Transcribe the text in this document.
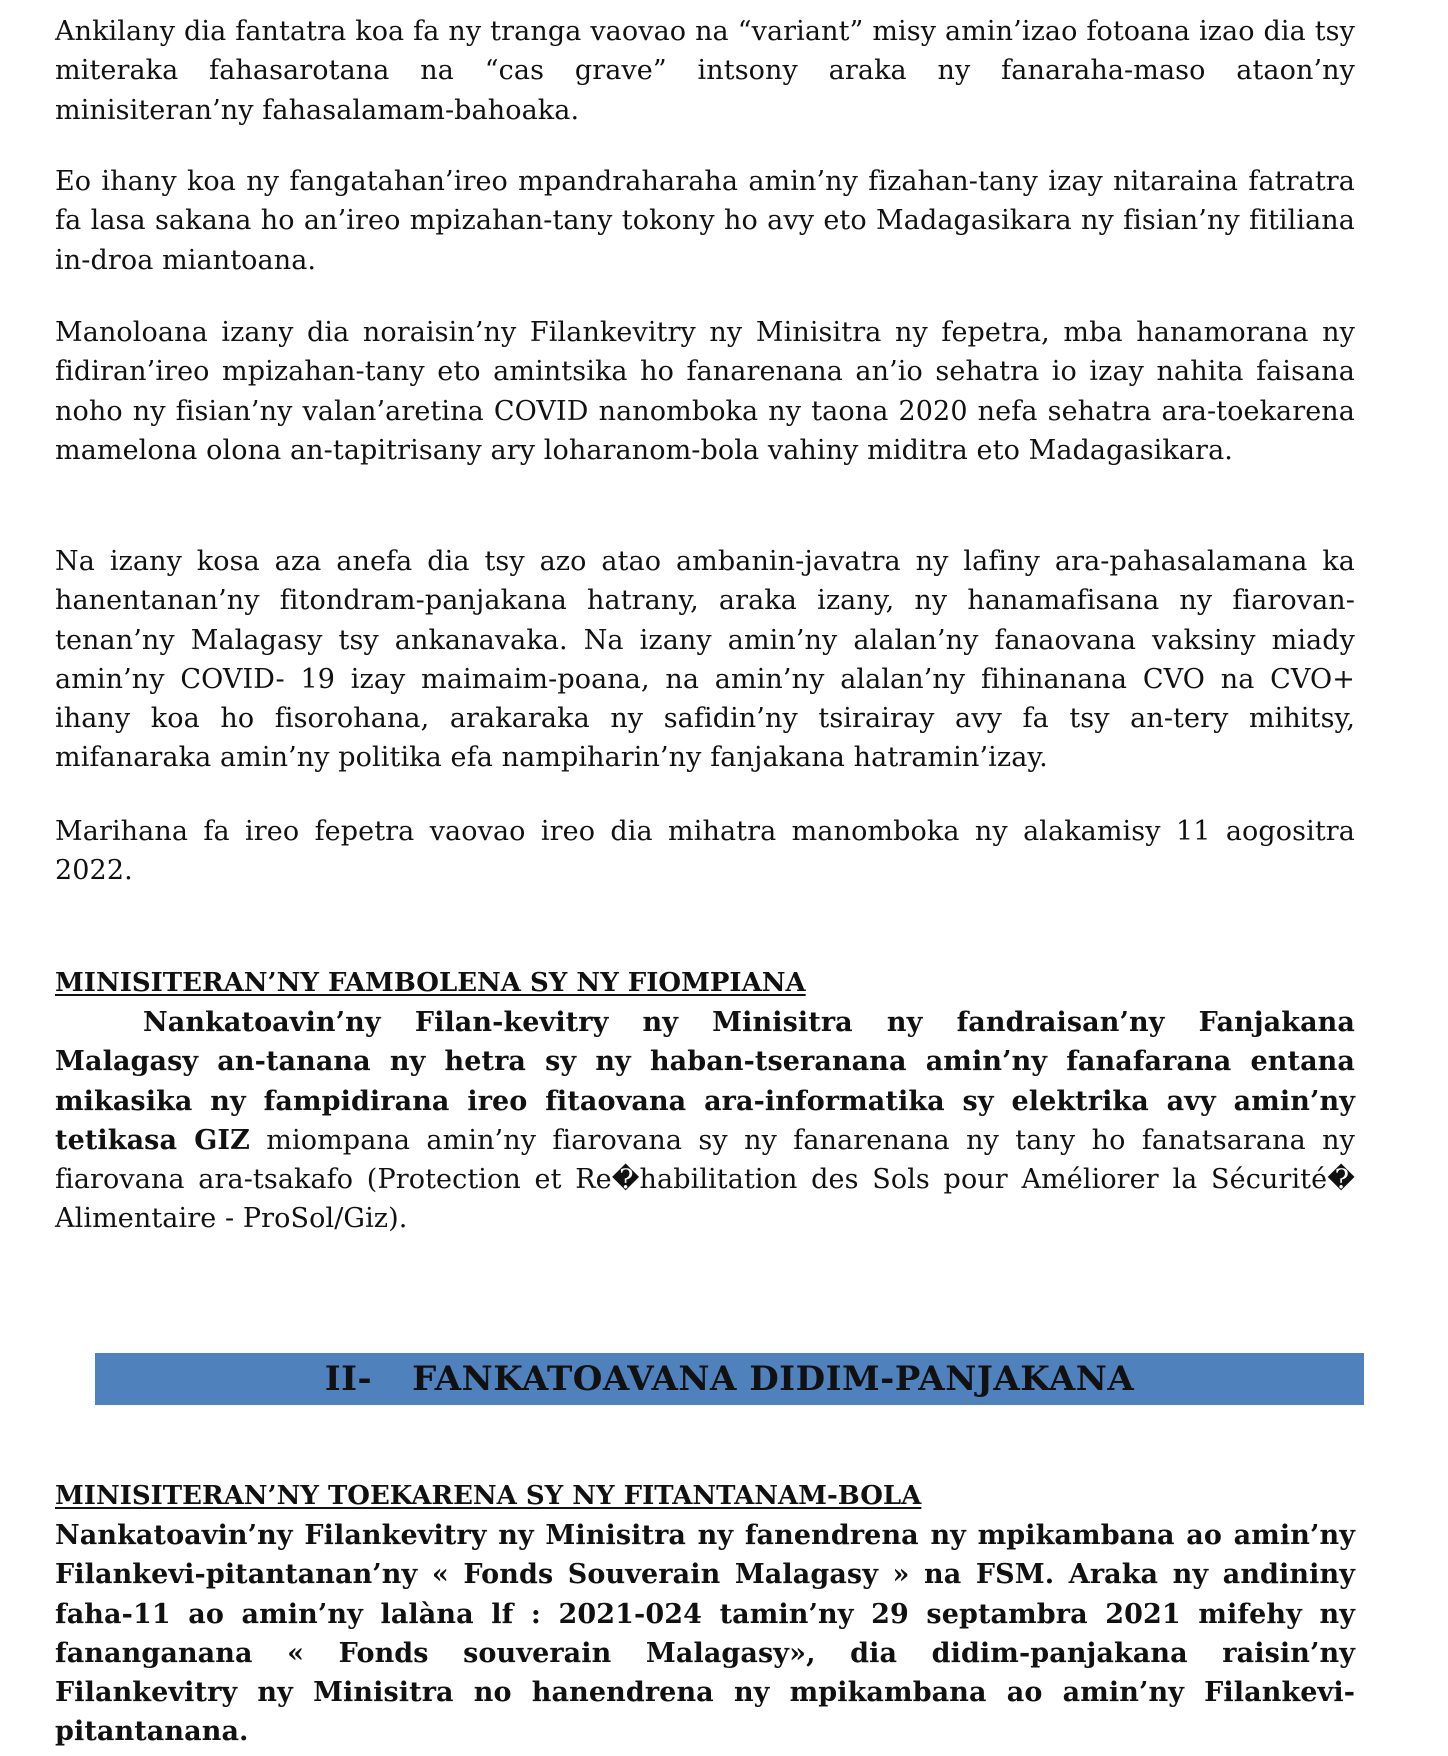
Ankilany dia fantatra koa fa ny tranga vaovao na “variant” misy amin’izao fotoana izao dia tsy miteraka fahasarotana na “cas grave” intsony araka ny fanaraha-maso ataon’ny minisiteran’ny fahasalamam-bahoaka.

Eo ihany koa ny fangatahan’ireo mpandraharaha amin’ny fizahan-tany izay nitaraina fatratra fa lasa sakana ho an’ireo mpizahan-tany tokony ho avy eto Madagasikara ny fisian’ny fitiliana in-droa miantoana.

Manoloana izany dia noraisin’ny Filankevitry ny Minisitra ny fepetra, mba hanamorana ny fidiran’ireo mpizahan-tany eto amintsika ho fanarenana an’io sehatra io izay nahita faisana noho ny fisian’ny valan’aretina COVID nanomboka ny taona 2020 nefa sehatra ara-toekarena mamelona olona an-tapitrisany ary loharanom-bola vahiny miditra eto Madagasikara.

Na izany kosa aza anefa dia tsy azo atao ambanin-javatra ny lafiny ara-pahasalamana ka hanentanan’ny fitondram-panjakana hatrany, araka izany, ny hanamafisana ny fiarovan-tenan’ny Malagasy tsy ankanavaka. Na izany amin’ny alalan’ny fanaovana vaksiny miady amin’ny COVID- 19 izay maimaim-poana, na amin’ny alalan’ny fihinanana CVO na CVO+ ihany koa ho fisorohana, arakaraka ny safidin’ny tsirairay avy fa tsy an-tery mihitsy, mifanaraka amin’ny politika efa nampiharin’ny fanjakana hatramin’izay.

Marihana fa ireo fepetra vaovao ireo dia mihatra manomboka ny alakamisy 11 aogositra 2022.

MINISITERAN’NY FAMBOLENA SY NY FIOMPIANA

Nankatoavin’ny Filan-kevitry ny Minisitra ny fandraisan’ny Fanjakana Malagasy an-tanana ny hetra sy ny haban-tseranana amin’ny fanafarana entana mikasika ny fampidirana ireo fitaovana ara-informatika sy elektrika avy amin’ny tetikasa GIZ miompana amin’ny fiarovana sy ny fanarenana ny tany ho fanatsarana ny fiarovana ara-tsakafo (Protection et Re�habilitation des Sols pour Améliorer la Sécurité� Alimentaire - ProSol/Giz).

II- FANKATOAVANA DIDIM-PANJAKANA

MINISITERAN’NY TOEKARENA SY NY FITANTANAM-BOLA

Nankatoavin’ny Filankevitry ny Minisitra ny fanendrena ny mpikambana ao amin’ny Filankevi-pitantanan’ny « Fonds Souverain Malagasy » na FSM. Araka ny andininy faha-11 ao amin’ny lalàna lf : 2021-024 tamin’ny 29 septambra 2021 mifehy ny fananganana « Fonds souverain Malagasy», dia didim-panjakana raisin’ny Filankevitry ny Minisitra no hanendrena ny mpikambana ao amin’ny Filankevi-pitantanana.
